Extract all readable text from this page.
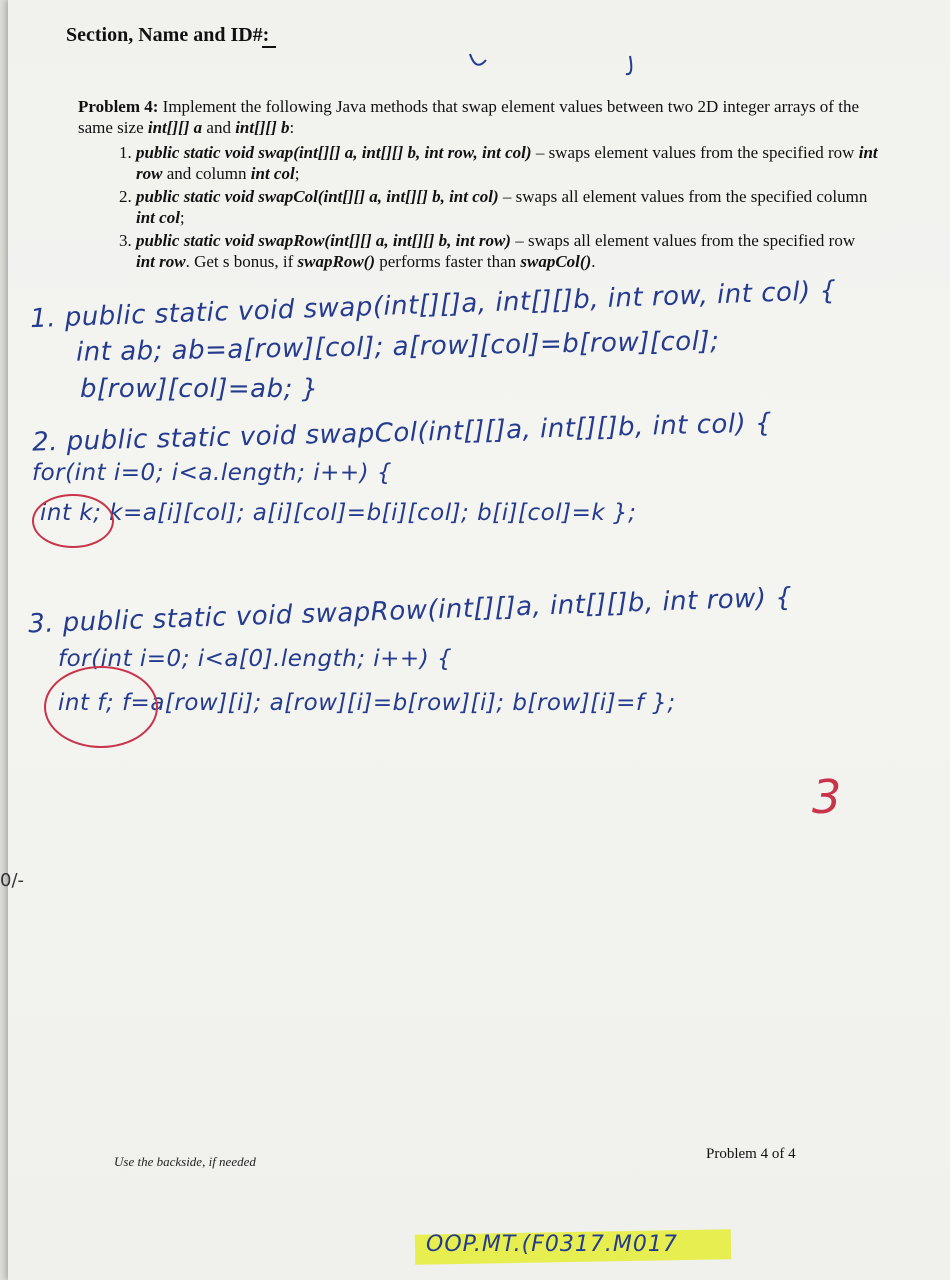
Section, Name and ID#:
Problem 4: Implement the following Java methods that swap element values between two 2D integer arrays of the same size int[][] a and int[][] b:
1. public static void swap(int[][] a, int[][] b, int row, int col) – swaps element values from the specified row int row and column int col;
2. public static void swapCol(int[][] a, int[][] b, int col) – swaps all element values from the specified column int col;
3. public static void swapRow(int[][] a, int[][] b, int row) – swaps all element values from the specified row int row. Get s bonus, if swapRow() performs faster than swapCol().
1. public static void swap(int[][]a, int[][]b, int row, int col) {
int ab; ab=a[row][col]; a[row][col]=b[row][col];
b[row][col]=ab; }
2. public static void swapCol(int[][]a, int[][]b, int col) {
for(int i=0; i<a.length; i++) {
int k; k=a[i][col]; a[i][col]=b[i][col]; b[i][col]=k };
3. public static void swapRow(int[][]a, int[][]b, int row) {
for(int i=0; i<a[0].length; i++) {
int f; f=a[row][i]; a[row][i]=b[row][i]; b[row][i]=f };
3
0/-
Use the backside, if needed	Problem 4 of 4
OOP.MT.(F0317.M017
